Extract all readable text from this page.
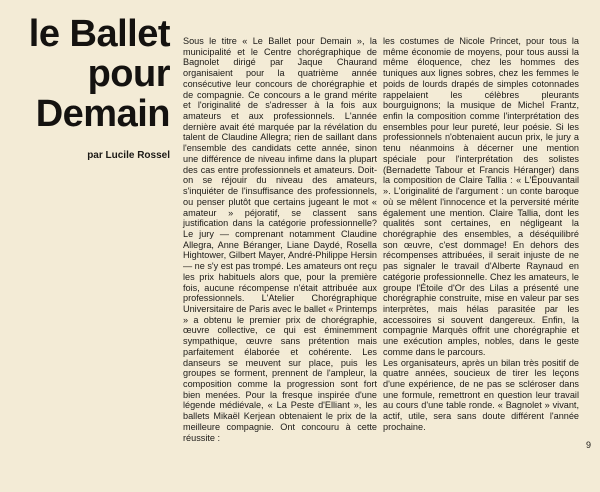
le Ballet
pour
Demain
par Lucile Rossel

Sous le titre « Le Ballet pour Demain », la municipalité et le Centre chorégraphique de Bagnolet dirigé par Jaque Chaurand organisaient pour la quatrième année consécutive leur concours de chorégraphie et de compagnie. Ce concours a le grand mérite et l'originalité de s'adresser à la fois aux amateurs et aux professionnels. L'année dernière avait été marquée par la révélation du talent de Claudine Allegra; rien de saillant dans l'ensemble des candidats cette année, sinon une différence de niveau infime dans la plupart des cas entre professionnels et amateurs. Doit-on se réjouir du niveau des amateurs, s'inquiéter de l'insuffisance des professionnels, ou penser plutôt que certains jugeant le mot « amateur » péjoratif, se classent sans justification dans la catégorie professionnelle? Le jury — comprenant notamment Claudine Allegra, Anne Béranger, Liane Daydé, Rosella Hightower, Gilbert Mayer, André-Philippe Hersin — ne s'y est pas trompé. Les amateurs ont reçu les prix habituels alors que, pour la première fois, aucune récompense n'était attribuée aux professionnels. L'Atelier Chorégraphique Universitaire de Paris avec le ballet « Printemps » a obtenu le premier prix de chorégraphie, œuvre collective, ce qui est éminemment sympathique, œuvre sans prétention mais parfaitement élaborée et cohérente. Les danseurs se meuvent sur place, puis les groupes se forment, prennent de l'ampleur, la composition comme la progression sont fort bien menées. Pour la fresque inspirée d'une légende médiévale, « La Peste d'Elliant », les ballets Mikaël Kerjean obtenaient le prix de la meilleure compagnie. Ont concouru à cette réussite :

les costumes de Nicole Princet, pour tous la même économie de moyens, pour tous aussi la même éloquence, chez les hommes des tuniques aux lignes sobres, chez les femmes le poids de lourds drapés de simples cotonnades rappelaient les célèbres pleurants bourguignons; la musique de Michel Frantz, enfin la composition comme l'interprétation des ensembles pour leur pureté, leur poésie. Si les professionnels n'obtenaient aucun prix, le jury a tenu néanmoins à décerner une mention spéciale pour l'interprétation des solistes (Bernadette Tabour et Francis Héranger) dans la composition de Claire Tallia : « L'Épouvantail ». L'originalité de l'argument : un conte baroque où se mêlent l'innocence et la perversité mérite également une mention. Claire Tallia, dont les qualités sont certaines, en négligeant la chorégraphie des ensembles, a déséquilibré son œuvre, c'est dommage! En dehors des récompenses attribuées, il serait injuste de ne pas signaler le travail d'Alberte Raynaud en catégorie professionnelle. Chez les amateurs, le groupe l'Étoile d'Or des Lilas a présenté une chorégraphie construite, mise en valeur par ses interprètes, mais hélas parasitée par les accessoires si souvent dangereux. Enfin, la compagnie Marquès offrit une chorégraphie et une exécution amples, nobles, dans le geste comme dans le parcours.

Les organisateurs, après un bilan très positif de quatre années, soucieux de tirer les leçons d'une expérience, de ne pas se scléroser dans une formule, remettront en question leur travail au cours d'une table ronde. « Bagnolet » vivant, actif, utile, sera sans doute différent l'année prochaine.

9
